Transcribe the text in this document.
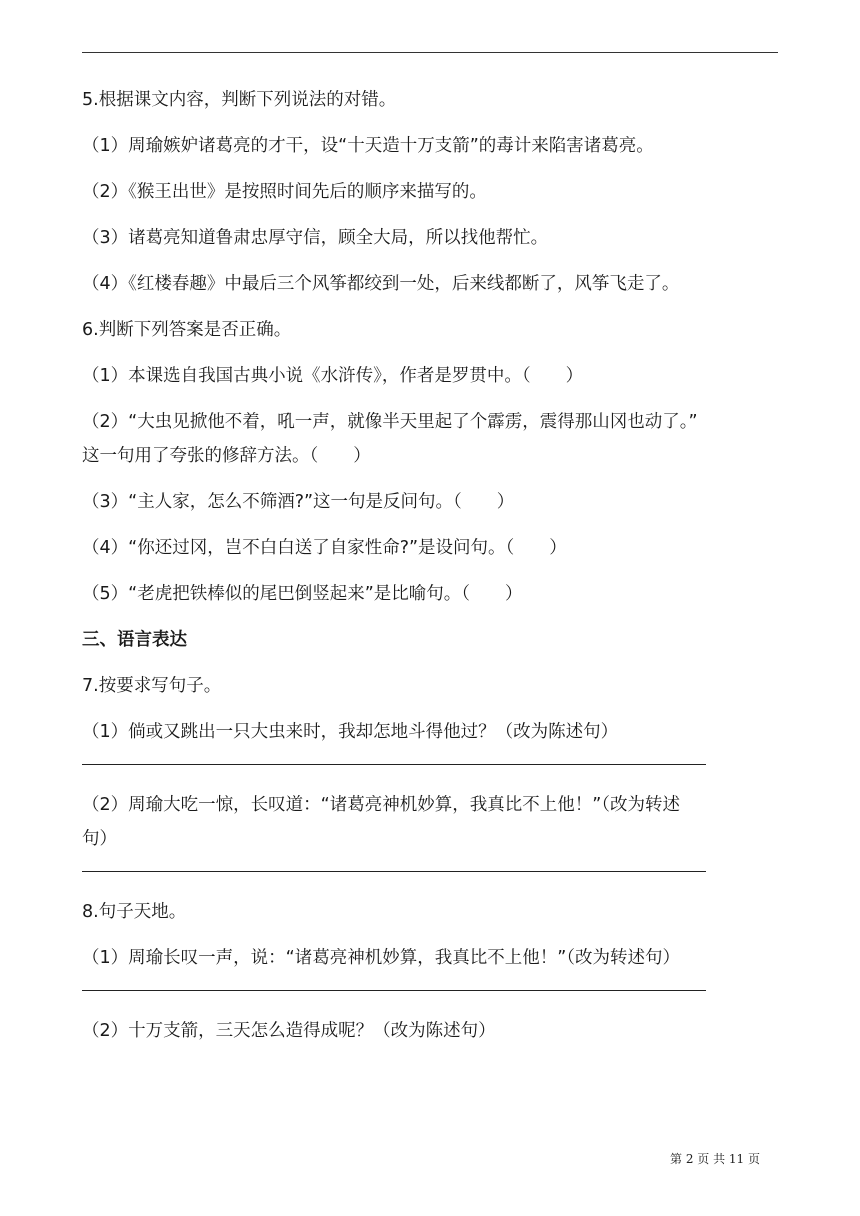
5.根据课文内容，判断下列说法的对错。
（1）周瑜嫉妒诸葛亮的才干，设“十天造十万支箭”的毒计来陷害诸葛亮。
（2）《猴王出世》是按照时间先后的顺序来描写的。
（3）诸葛亮知道鲁肃忠厚守信，顾全大局，所以找他帮忙。
（4）《红楼春趣》中最后三个风筝都绞到一处，后来线都断了，风筝飞走了。
6.判断下列答案是否正确。
（1）本课选自我国古典小说《水浒传》，作者是罗贯中。（　　）
（2）“大虫见掀他不着，吼一声，就像半天里起了个霹雳，震得那山冈也动了。”
这一句用了夸张的修辞方法。（　　）
（3）“主人家，怎么不筛酒?”这一句是反问句。（　　）
（4）“你还过冈，岂不白白送了自家性命?”是设问句。（　　）
（5）“老虎把铁棒似的尾巴倒竖起来”是比喻句。（　　）
三、语言表达
7.按要求写句子。
（1）倘或又跳出一只大虫来时，我却怎地斗得他过？（改为陈述句）
（2）周瑜大吃一惊，长叹道：“诸葛亮神机妙算，我真比不上他！”（改为转述
句）
8.句子天地。
（1）周瑜长叹一声，说：“诸葛亮神机妙算，我真比不上他！”（改为转述句）
（2）十万支箭，三天怎么造得成呢？（改为陈述句）
第 2 页 共 11 页
